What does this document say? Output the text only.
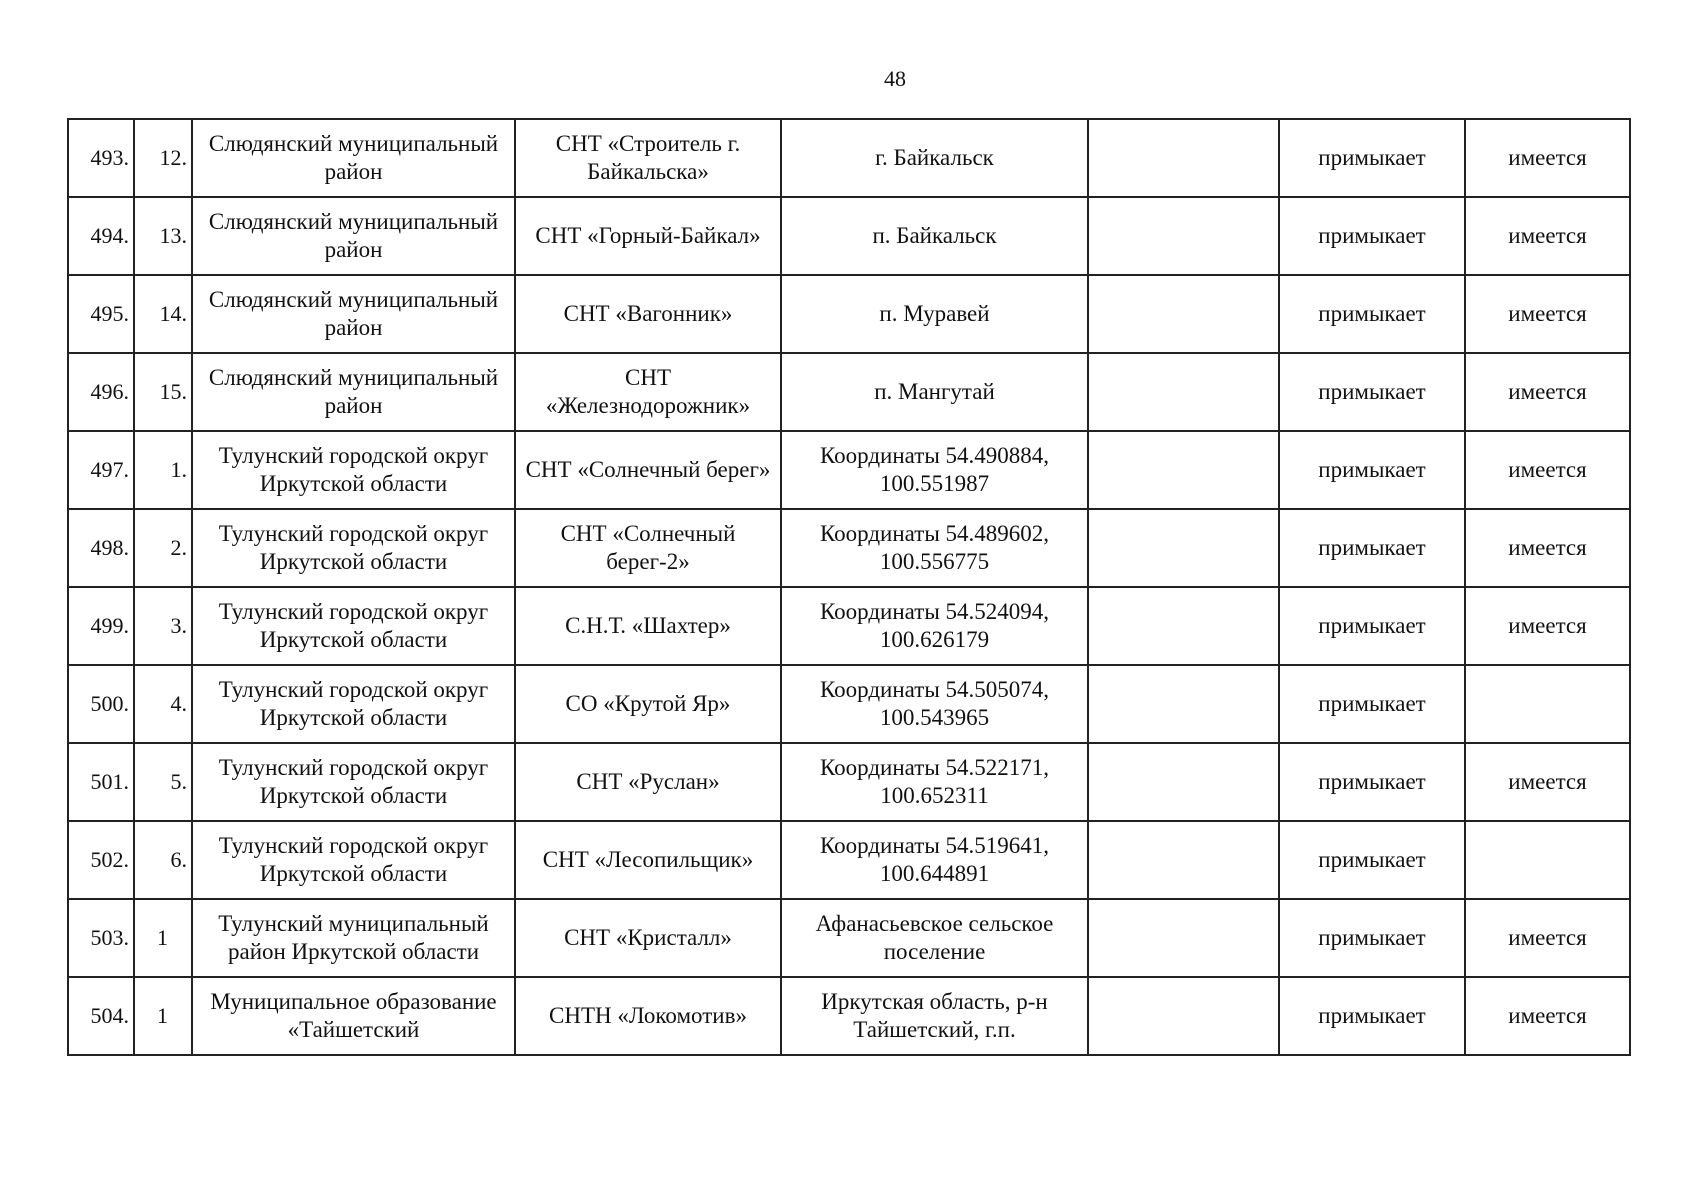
48
493.	12.	Слюдянский муниципальный район	СНТ «Строитель г. Байкальска»	г. Байкальск		примыкает	имеется
494.	13.	Слюдянский муниципальный район	СНТ «Горный-Байкал»	п. Байкальск		примыкает	имеется
495.	14.	Слюдянский муниципальный район	СНТ «Вагонник»	п. Муравей		примыкает	имеется
496.	15.	Слюдянский муниципальный район	СНТ «Железнодорожник»	п. Мангутай		примыкает	имеется
497.	1.	Тулунский городской округ Иркутской области	СНТ «Солнечный берег»	Координаты 54.490884, 100.551987		примыкает	имеется
498.	2.	Тулунский городской округ Иркутской области	СНТ «Солнечный берег-2»	Координаты 54.489602, 100.556775		примыкает	имеется
499.	3.	Тулунский городской округ Иркутской области	С.Н.Т. «Шахтер»	Координаты 54.524094, 100.626179		примыкает	имеется
500.	4.	Тулунский городской округ Иркутской области	СО «Крутой Яр»	Координаты 54.505074, 100.543965		примыкает	
501.	5.	Тулунский городской округ Иркутской области	СНТ «Руслан»	Координаты 54.522171, 100.652311		примыкает	имеется
502.	6.	Тулунский городской округ Иркутской области	СНТ «Лесопильщик»	Координаты 54.519641, 100.644891		примыкает	
503.	1	Тулунский муниципальный район Иркутской области	СНТ «Кристалл»	Афанасьевское сельское поселение		примыкает	имеется
504.	1	Муниципальное образование «Тайшетский	СНТН «Локомотив»	Иркутская область, р-н Тайшетский, г.п.		примыкает	имеется
